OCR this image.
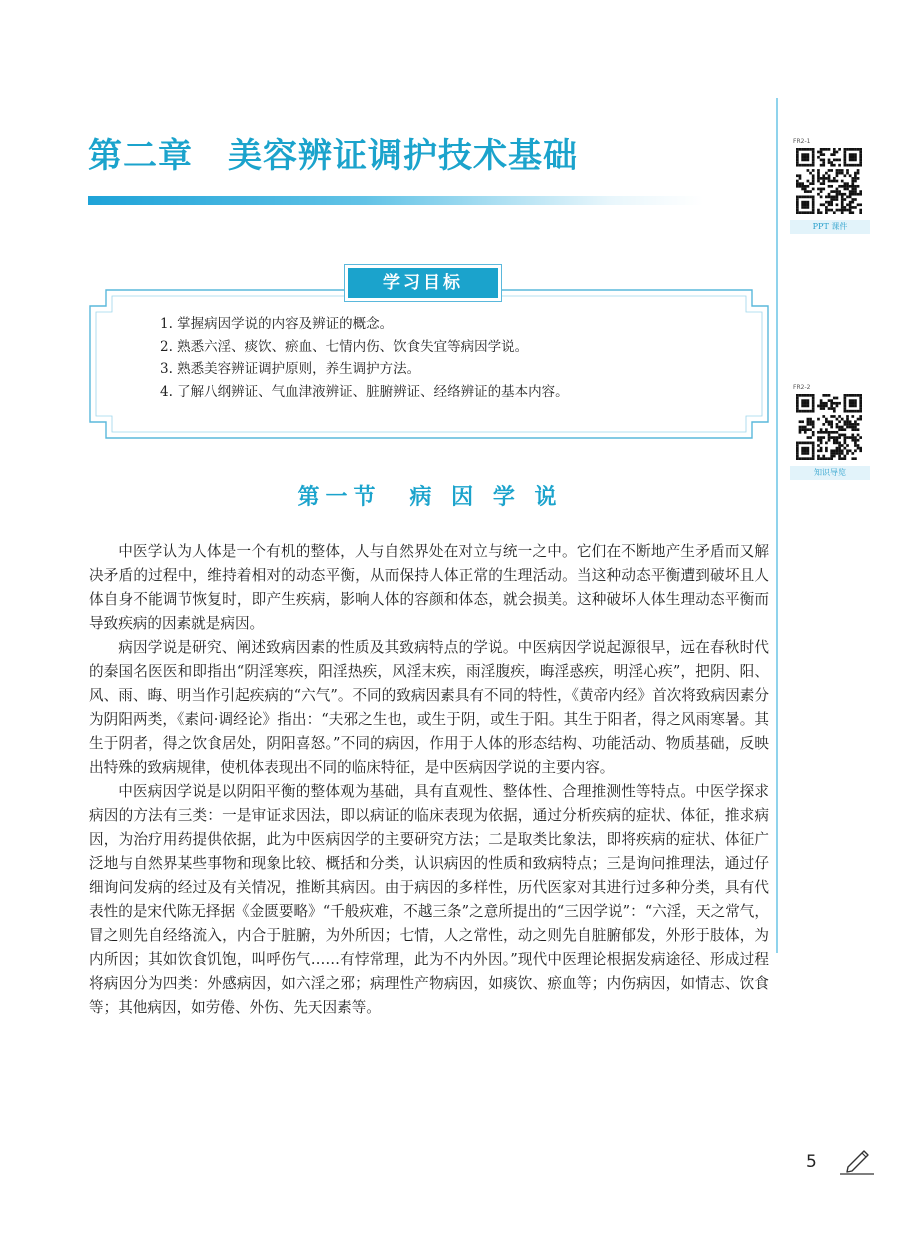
第二章　美容辨证调护技术基础	FR2-1
PPT 课件
FR2-2
知识导览
学习目标
1. 掌握病因学说的内容及辨证的概念。
2. 熟悉六淫、痰饮、瘀血、七情内伤、饮食失宜等病因学说。
3. 熟悉美容辨证调护原则，养生调护方法。
4. 了解八纲辨证、气血津液辨证、脏腑辨证、经络辨证的基本内容。
第一节　病 因 学 说

中医学认为人体是一个有机的整体，人与自然界处在对立与统一之中。它们在不断地产生矛盾而又解决矛盾的过程中，维持着相对的动态平衡，从而保持人体正常的生理活动。当这种动态平衡遭到破坏且人体自身不能调节恢复时，即产生疾病，影响人体的容颜和体态，就会损美。这种破坏人体生理动态平衡而导致疾病的因素就是病因。

病因学说是研究、阐述致病因素的性质及其致病特点的学说。中医病因学说起源很早，远在春秋时代的秦国名医医和即指出“阴淫寒疾，阳淫热疾，风淫末疾，雨淫腹疾，晦淫惑疾，明淫心疾”，把阴、阳、风、雨、晦、明当作引起疾病的“六气”。不同的致病因素具有不同的特性，《黄帝内经》首次将致病因素分为阴阳两类，《素问·调经论》指出：“夫邪之生也，或生于阴，或生于阳。其生于阳者，得之风雨寒暑。其生于阴者，得之饮食居处，阴阳喜怒。”不同的病因，作用于人体的形态结构、功能活动、物质基础，反映出特殊的致病规律，使机体表现出不同的临床特征，是中医病因学说的主要内容。

中医病因学说是以阴阳平衡的整体观为基础，具有直观性、整体性、合理推测性等特点。中医学探求病因的方法有三类：一是审证求因法，即以病证的临床表现为依据，通过分析疾病的症状、体征，推求病因，为治疗用药提供依据，此为中医病因学的主要研究方法；二是取类比象法，即将疾病的症状、体征广泛地与自然界某些事物和现象比较、概括和分类，认识病因的性质和致病特点；三是询问推理法，通过仔细询问发病的经过及有关情况，推断其病因。由于病因的多样性，历代医家对其进行过多种分类，具有代表性的是宋代陈无择据《金匮要略》“千般疢难，不越三条”之意所提出的“三因学说”：“六淫，天之常气，冒之则先自经络流入，内合于脏腑，为外所因；七情，人之常性，动之则先自脏腑郁发，外形于肢体，为内所因；其如饮食饥饱，叫呼伤气……有悖常理，此为不内外因。”现代中医理论根据发病途径、形成过程将病因分为四类：外感病因，如六淫之邪；病理性产物病因，如痰饮、瘀血等；内伤病因，如情志、饮食等；其他病因，如劳倦、外伤、先天因素等。

5
